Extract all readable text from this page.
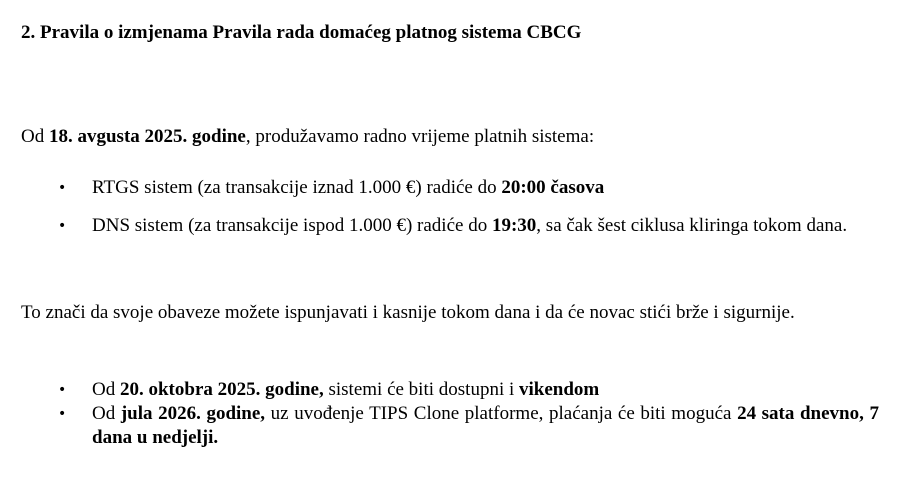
2. Pravila o izmjenama Pravila rada domaćeg platnog sistema CBCG

Od 18. avgusta 2025. godine, produžavamo radno vrijeme platnih sistema:

• RTGS sistem (za transakcije iznad 1.000 €) radiće do 20:00 časova
• DNS sistem (za transakcije ispod 1.000 €) radiće do 19:30, sa čak šest ciklusa kliringa tokom dana.

To znači da svoje obaveze možete ispunjavati i kasnije tokom dana i da će novac stići brže i sigurnije.

• Od 20. oktobra 2025. godine, sistemi će biti dostupni i vikendom
• Od jula 2026. godine, uz uvođenje TIPS Clone platforme, plaćanja će biti moguća 24 sata dnevno, 7 dana u nedjelji.
